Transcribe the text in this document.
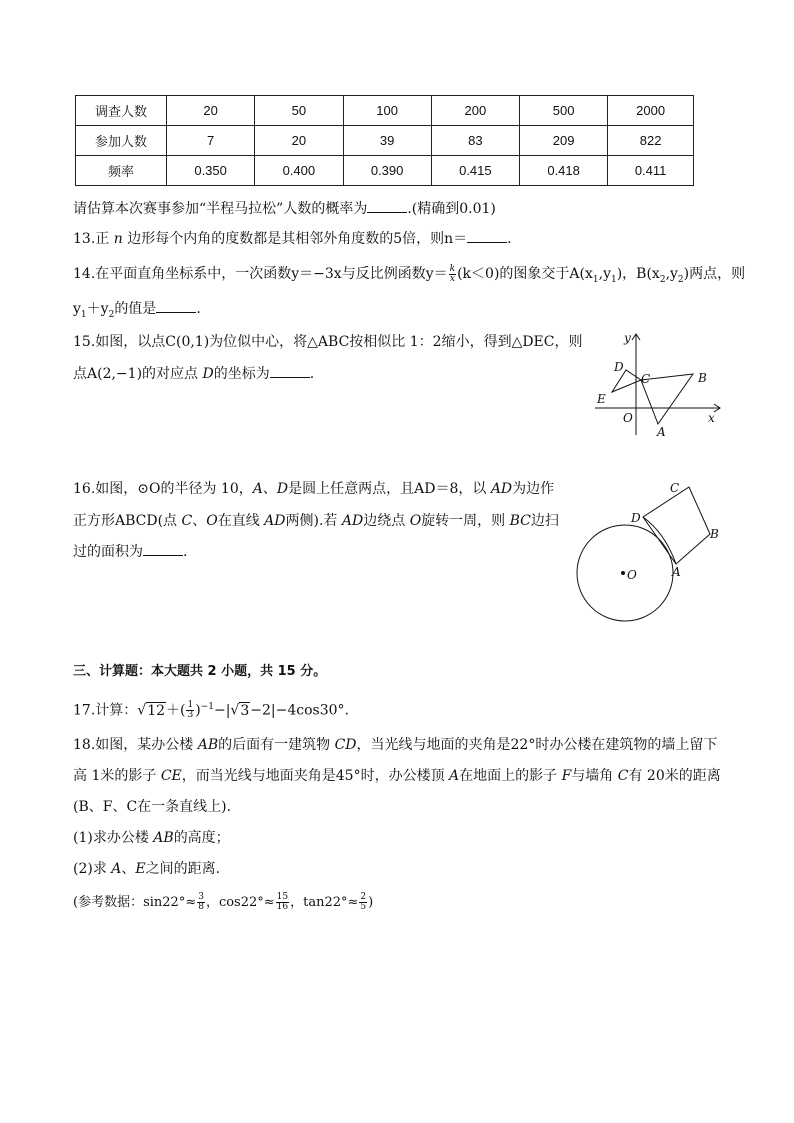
调查人数	20	50	100	200	500	2000
参加人数	7	20	39	83	209	822
频率	0.350	0.400	0.390	0.415	0.418	0.411
请估算本次赛事参加“半程马拉松”人数的概率为	.(精确到0.01)
13.正 n 边形每个内角的度数都是其相邻外角度数的5倍，则n＝	.
14.在平面直角坐标系中，一次函数y＝−3x与反比例函数$y= \frac{k}{x} (k<0)$的图象交于$A(x_1,y_1)$，$B(x_2,y_2)$两点，则
$y_1+y_2$的值是	.
15.如图，以点C(0,1)为位似中心，将△ABC按相似比 1：2缩小，得到△DEC，则
点A(2,−1)的对应点 D的坐标为	.	D
C	B
E
O
A
x
y
16.如图，⊙O的半径为 10，A、D是圆上任意两点，且AD＝8，以 AD为边作
正方形ABCD(点 C、O在直线 AD两侧).若 AD边绕点 O旋转一周，则 BC边扫
过的面积为	.
C
D
B
A
O
三、计算题：本大题共 2 小题，共 15 分。
17.计算：$√12+( \frac{1}{3} )^{-1}-|√3-2|-4\cos 30^\circ$.
18.如图，某办公楼 AB的后面有一建筑物 CD，当光线与地面的夹角是22°时办公楼在建筑物的墙上留下
高 1米的影子 CE，而当光线与地面夹角是45°时，办公楼顶 A在地面上的影子 F与墙角 C有 20米的距离
(B、F、C在一条直线上).
(1)求办公楼 AB的高度；
(2)求 A、E之间的距离.
(参考数据：$\sin 22^\circ\approx \frac{3}{8}$ ，$\cos 22^\circ\approx \frac{15}{16}$ ，$\tan 22^\circ\approx \frac{2}{5}$ )
